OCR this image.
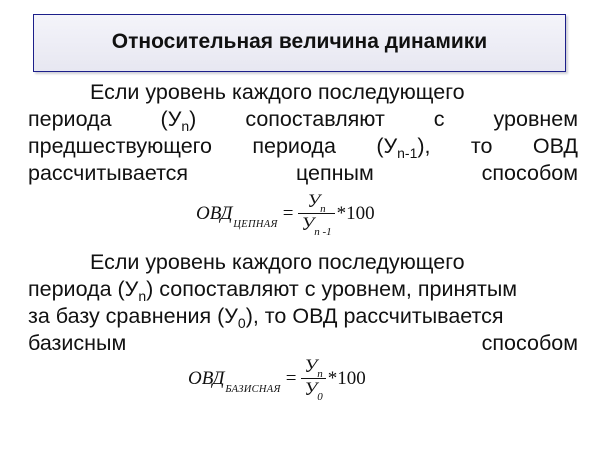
Относительная величина динамики
Если уровень каждого последующего
периода $(У_n)$ сопоставляют с уровнем
предшествующего периода $(У_{n-1})$, то ОВД
рассчитывается	цепным	способом
ОВД
ЦЕПНАЯ
= $\frac{У_n}{У_{n -1}} *100$
Если уровень каждого последующего
периода $(У_n)$ сопоставляют с уровнем, принятым
за базу сравнения $(У_0)$, то ОВД рассчитывается
базисным	способом
ОВД
БАЗИСНАЯ
= $\frac{У_n}{У_0} *100$
